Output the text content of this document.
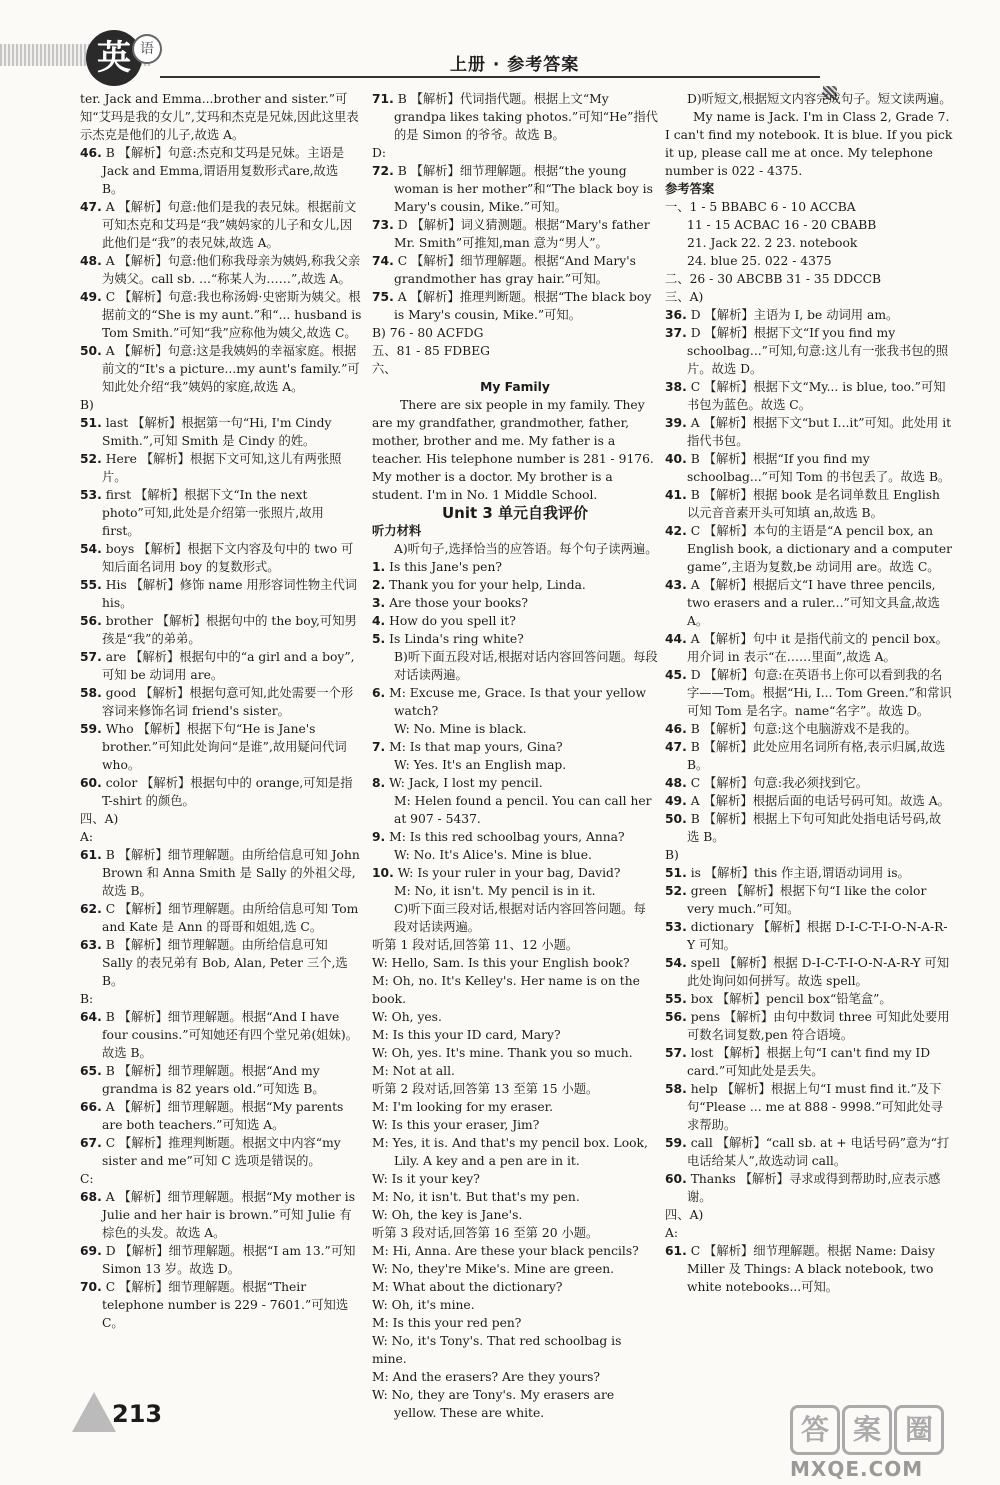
英 语
上册 · 参考答案

ter. Jack and Emma...brother and sister.”可知“艾玛是我的女儿”,艾玛和杰克是兄妹,因此这里表示杰克是他们的儿子,故选 A。

46. B 【解析】句意:杰克和艾玛是兄妹。主语是 Jack and Emma,谓语用复数形式are,故选 B。

47. A 【解析】句意:他们是我的表兄妹。根据前文可知杰克和艾玛是“我”姨妈家的儿子和女儿,因此他们是“我”的表兄妹,故选 A。

48. A 【解析】句意:他们称我母亲为姨妈,称我父亲为姨父。call sb. ...“称某人为……”,故选 A。

49. C 【解析】句意:我也称汤姆·史密斯为姨父。根据前文的“She is my aunt.”和“... husband is Tom Smith.”可知“我”应称他为姨父,故选 C。

50. A 【解析】句意:这是我姨妈的幸福家庭。根据前文的“It's a picture...my aunt's family.”可知此处介绍“我”姨妈的家庭,故选 A。

B)

51. last 【解析】根据第一句“Hi, I'm Cindy Smith.”,可知 Smith 是 Cindy 的姓。

52. Here 【解析】根据下文可知,这儿有两张照片。

53. first 【解析】根据下文“In the next photo”可知,此处是介绍第一张照片,故用 first。

54. boys 【解析】根据下文内容及句中的 two 可知后面名词用 boy 的复数形式。

55. His 【解析】修饰 name 用形容词性物主代词 his。

56. brother 【解析】根据句中的 the boy,可知男孩是“我”的弟弟。

57. are 【解析】根据句中的“a girl and a boy”,可知 be 动词用 are。

58. good 【解析】根据句意可知,此处需要一个形容词来修饰名词 friend's sister。

59. Who 【解析】根据下句“He is Jane's brother.”可知此处询问“是谁”,故用疑问代词 who。

60. color 【解析】根据句中的 orange,可知是指 T-shirt 的颜色。

四、A)

A:

61. B 【解析】细节理解题。由所给信息可知 John Brown 和 Anna Smith 是 Sally 的外祖父母,故选 B。

62. C 【解析】细节理解题。由所给信息可知 Tom and Kate 是 Ann 的哥哥和姐姐,选 C。

63. B 【解析】细节理解题。由所给信息可知 Sally 的表兄弟有 Bob, Alan, Peter 三个,选 B。

B:

64. B 【解析】细节理解题。根据“And I have four cousins.”可知她还有四个堂兄弟(姐妹)。故选 B。

65. B 【解析】细节理解题。根据“And my grandma is 82 years old.”可知选 B。

66. A 【解析】细节理解题。根据“My parents are both teachers.”可知选 A。

67. C 【解析】推理判断题。根据文中内容“my sister and me”可知 C 选项是错误的。

C:

68. A 【解析】细节理解题。根据“My mother is Julie and her hair is brown.”可知 Julie 有棕色的头发。故选 A。

69. D 【解析】细节理解题。根据“I am 13.”可知 Simon 13 岁。故选 D。

70. C 【解析】细节理解题。根据“Their telephone number is 229 - 7601.”可知选 C。

71. B 【解析】代词指代题。根据上文“My grandpa likes taking photos.”可知“He”指代的是 Simon 的爷爷。故选 B。

D:

72. B 【解析】细节理解题。根据“the young woman is her mother”和“The black boy is Mary's cousin, Mike.”可知。

73. D 【解析】词义猜测题。根据“Mary's father Mr. Smith”可推知,man 意为“男人”。

74. C 【解析】细节理解题。根据“And Mary's grandmother has gray hair.”可知。

75. A 【解析】推理判断题。根据“The black boy is Mary's cousin, Mike.”可知。

B) 76 - 80 ACFDG

五、81 - 85 FDBEG

六、

My Family

There are six people in my family. They are my grandfather, grandmother, father, mother, brother and me. My father is a teacher. His telephone number is 281 - 9176. My mother is a doctor. My brother is a student. I'm in No. 1 Middle School.

Unit 3 单元自我评价

听力材料

A)听句子,选择恰当的应答语。每个句子读两遍。

1. Is this Jane's pen?

2. Thank you for your help, Linda.

3. Are those your books?

4. How do you spell it?

5. Is Linda's ring white?

B)听下面五段对话,根据对话内容回答问题。每段对话读两遍。

6. M: Excuse me, Grace. Is that your yellow watch?

W: No. Mine is black.

7. M: Is that map yours, Gina?

W: Yes. It's an English map.

8. W: Jack, I lost my pencil.

M: Helen found a pencil. You can call her at 907 - 5437.

9. M: Is this red schoolbag yours, Anna?

W: No. It's Alice's. Mine is blue.

10. W: Is your ruler in your bag, David?

M: No, it isn't. My pencil is in it.

C)听下面三段对话,根据对话内容回答问题。每段对话读两遍。

听第 1 段对话,回答第 11、12 小题。

W: Hello, Sam. Is this your English book?

M: Oh, no. It's Kelley's. Her name is on the book.

W: Oh, yes.

M: Is this your ID card, Mary?

W: Oh, yes. It's mine. Thank you so much.

M: Not at all.

听第 2 段对话,回答第 13 至第 15 小题。

M: I'm looking for my eraser.

W: Is this your eraser, Jim?

M: Yes, it is. And that's my pencil box. Look, Lily. A key and a pen are in it.

W: Is it your key?

M: No, it isn't. But that's my pen.

W: Oh, the key is Jane's.

听第 3 段对话,回答第 16 至第 20 小题。

M: Hi, Anna. Are these your black pencils?

W: No, they're Mike's. Mine are green.

M: What about the dictionary?

W: Oh, it's mine.

M: Is this your red pen?

W: No, it's Tony's. That red schoolbag is mine.

M: And the erasers? Are they yours?

W: No, they are Tony's. My erasers are yellow. These are white.

D)听短文,根据短文内容完成句子。短文读两遍。

My name is Jack. I'm in Class 2, Grade 7. I can't find my notebook. It is blue. If you pick it up, please call me at once. My telephone number is 022 - 4375.

参考答案

一、1 - 5 BBABC 6 - 10 ACCBA

11 - 15 ACBAC 16 - 20 CBABB

21. Jack 22. 2 23. notebook

24. blue 25. 022 - 4375

二、26 - 30 ABCBB 31 - 35 DDCCB

三、A)

36. D 【解析】主语为 I, be 动词用 am。

37. D 【解析】根据下文“If you find my schoolbag...”可知,句意:这儿有一张我书包的照片。故选 D。

38. C 【解析】根据下文“My... is blue, too.”可知书包为蓝色。故选 C。

39. A 【解析】根据下文“but I...it”可知。此处用 it 指代书包。

40. B 【解析】根据“If you find my schoolbag...”可知 Tom 的书包丢了。故选 B。

41. B 【解析】根据 book 是名词单数且 English 以元音音素开头可知填 an,故选 B。

42. C 【解析】本句的主语是“A pencil box, an English book, a dictionary and a computer game”,主语为复数,be 动词用 are。故选 C。

43. A 【解析】根据后文“I have three pencils, two erasers and a ruler...”可知文具盒,故选 A。

44. A 【解析】句中 it 是指代前文的 pencil box。用介词 in 表示“在……里面”,故选 A。

45. D 【解析】句意:在英语书上你可以看到我的名字——Tom。根据“Hi, I... Tom Green.”和常识可知 Tom 是名字。name“名字”。故选 D。

46. B 【解析】句意:这个电脑游戏不是我的。

47. B 【解析】此处应用名词所有格,表示归属,故选 B。

48. C 【解析】句意:我必须找到它。

49. A 【解析】根据后面的电话号码可知。故选 A。

50. B 【解析】根据上下句可知此处指电话号码,故选 B。

B)

51. is 【解析】this 作主语,谓语动词用 is。

52. green 【解析】根据下句“I like the color very much.”可知。

53. dictionary 【解析】根据 D-I-C-T-I-O-N-A-R-Y 可知。

54. spell 【解析】根据 D-I-C-T-I-O-N-A-R-Y 可知此处询问如何拼写。故选 spell。

55. box 【解析】pencil box“铅笔盒”。

56. pens 【解析】由句中数词 three 可知此处要用可数名词复数,pen 符合语境。

57. lost 【解析】根据上句“I can't find my ID card.”可知此处是丢失。

58. help 【解析】根据上句“I must find it.”及下句“Please ... me at 888 - 9998.”可知此处寻求帮助。

59. call 【解析】“call sb. at + 电话号码”意为“打电话给某人”,故选动词 call。

60. Thanks 【解析】寻求或得到帮助时,应表示感谢。

四、A)

A:

61. C 【解析】细节理解题。根据 Name: Daisy Miller 及 Things: A black notebook, two white notebooks...可知。

213	答 案 圈
MXQE.COM
